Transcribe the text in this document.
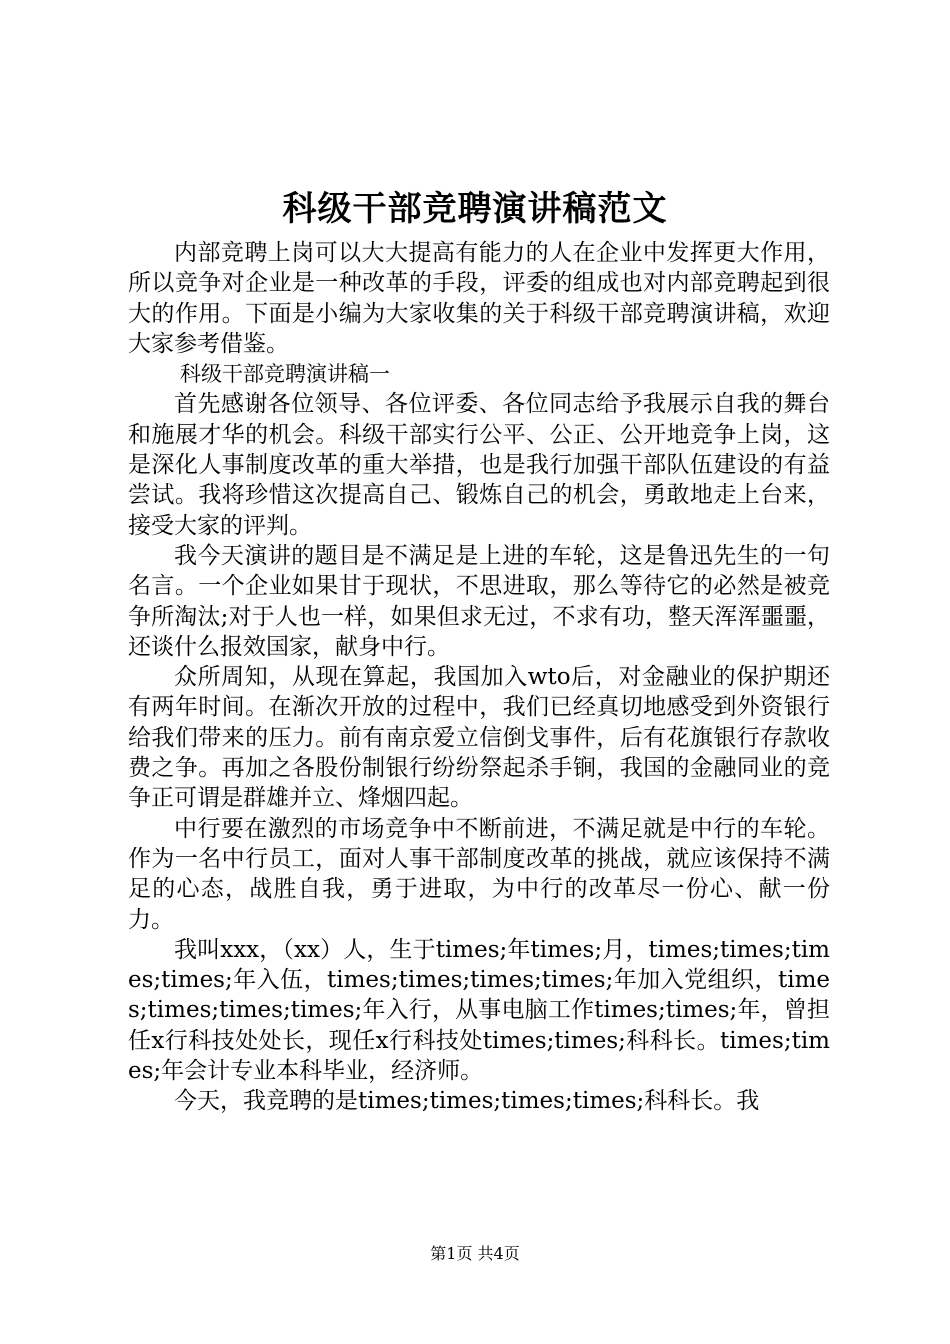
科级干部竞聘演讲稿范文

内部竞聘上岗可以大大提高有能力的人在企业中发挥更大作用，所以竞争对企业是一种改革的手段，评委的组成也对内部竞聘起到很大的作用。下面是小编为大家收集的关于科级干部竞聘演讲稿，欢迎大家参考借鉴。

科级干部竞聘演讲稿一

首先感谢各位领导、各位评委、各位同志给予我展示自我的舞台和施展才华的机会。科级干部实行公平、公正、公开地竞争上岗，这是深化人事制度改革的重大举措，也是我行加强干部队伍建设的有益尝试。我将珍惜这次提高自己、锻炼自己的机会，勇敢地走上台来，接受大家的评判。

我今天演讲的题目是不满足是上进的车轮，这是鲁迅先生的一句名言。一个企业如果甘于现状，不思进取，那么等待它的必然是被竞争所淘汰;对于人也一样，如果但求无过，不求有功，整天浑浑噩噩，还谈什么报效国家，献身中行。

众所周知，从现在算起，我国加入wto后，对金融业的保护期还有两年时间。在渐次开放的过程中，我们已经真切地感受到外资银行给我们带来的压力。前有南京爱立信倒戈事件，后有花旗银行存款收费之争。再加之各股份制银行纷纷祭起杀手锏，我国的金融同业的竞争正可谓是群雄并立、烽烟四起。

中行要在激烈的市场竞争中不断前进，不满足就是中行的车轮。作为一名中行员工，面对人事干部制度改革的挑战，就应该保持不满足的心态，战胜自我，勇于进取，为中行的改革尽一份心、献一份力。

我叫xxx，（xx）人，生于times;年times;月，times;times;times;times;年入伍，times;times;times;times;年加入党组织，times;times;times;times;年入行，从事电脑工作times;times;年，曾担任x行科技处处长，现任x行科技处times;times;科科长。times;times;年会计专业本科毕业，经济师。

今天，我竞聘的是times;times;times;times;科科长。我

第1页 共4页
